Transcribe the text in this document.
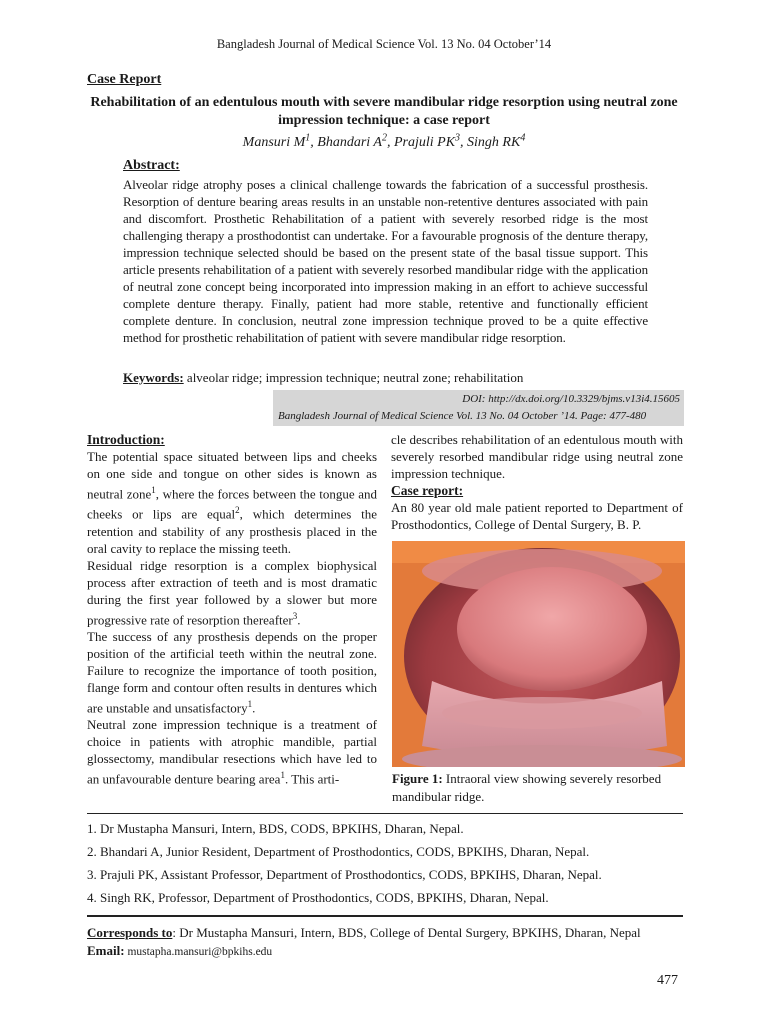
Bangladesh Journal of Medical Science Vol. 13 No. 04 October’14
Case Report
Rehabilitation of an edentulous mouth with severe mandibular ridge resorption using neutral zone
impression technique: a case report
Mansuri $M^1$, Bhandari $A^2$, Prajuli $PK^3$, Singh $RK^4$
Abstract:
Alveolar ridge atrophy poses a clinical challenge towards the fabrication of a successful prosthesis. Resorption of denture bearing areas results in an unstable non-retentive dentures associated with pain and discomfort. Prosthetic Rehabilitation of a patient with severely resorbed ridge is the most challenging therapy a prosthodontist can undertake. For a favourable prognosis of the denture therapy, impression technique selected should be based on the present state of the basal tissue support. This article presents rehabilitation of a patient with severely resorbed mandibular ridge with the application of neutral zone concept being incorporated into impression making in an effort to achieve successful complete denture therapy. Finally, patient had more stable, retentive and functionally efficient complete denture. In conclusion, neutral zone impression technique proved to be a quite effective method for prosthetic rehabilitation of patient with severe mandibular ridge resorption.
Keywords: alveolar ridge; impression technique; neutral zone; rehabilitation
DOI: http://dx.doi.org/10.3329/bjms.v13i4.15605
Bangladesh Journal of Medical Science Vol. 13 No. 04 October ’14. Page: 477-480
Introduction:
The potential space situated between lips and cheeks on one side and tongue on other sides is known as neutral zone$^1$, where the forces between the tongue and cheeks or lips are equal$^2$, which determines the retention and stability of any prosthesis placed in the oral cavity to replace the missing teeth.
Residual ridge resorption is a complex biophysical process after extraction of teeth and is most dramatic during the first year followed by a slower but more progressive rate of resorption thereafter$^3$.
The success of any prosthesis depends on the proper position of the artificial teeth within the neutral zone. Failure to recognize the importance of tooth position, flange form and contour often results in dentures which are unstable and unsatisfactory$^1$.
Neutral zone impression technique is a treatment of choice in patients with atrophic mandible, partial glossectomy, mandibular resections which have led to an unfavourable denture bearing area$^1$. This arti-
cle describes rehabilitation of an edentulous mouth with severely resorbed mandibular ridge using neutral zone impression technique.
Case report:
An 80 year old male patient reported to Department of Prosthodontics, College of Dental Surgery, B. P.
Figure 1: Intraoral view showing severely resorbed mandibular ridge.
1. Dr Mustapha Mansuri, Intern, BDS, CODS, BPKIHS, Dharan, Nepal.
2. Bhandari A, Junior Resident, Department of Prosthodontics, CODS, BPKIHS, Dharan, Nepal.
3. Prajuli PK, Assistant Professor, Department of Prosthodontics, CODS, BPKIHS, Dharan, Nepal.
4. Singh RK, Professor, Department of Prosthodontics, CODS, BPKIHS, Dharan, Nepal.
Corresponds to: Dr Mustapha Mansuri, Intern, BDS, College of Dental Surgery, BPKIHS, Dharan, Nepal
Email: mustapha.mansuri@bpkihs.edu
477
